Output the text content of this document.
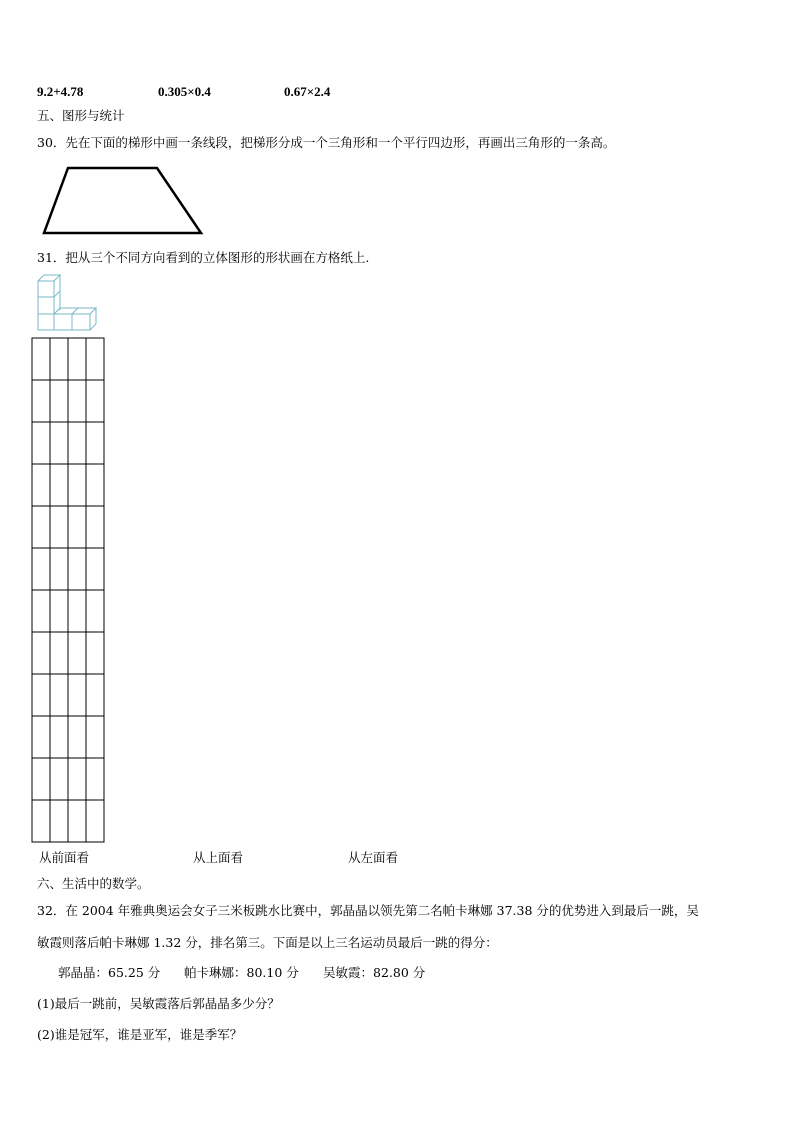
9.2+4.78	0.305×0.4	0.67×2.4
五、图形与统计
30．先在下面的梯形中画一条线段，把梯形分成一个三角形和一个平行四边形，再画出三角形的一条高。
31．把从三个不同方向看到的立体图形的形状画在方格纸上.
从前面看	从上面看	从左面看
六、生活中的数学。
32．在 2004 年雅典奥运会女子三米板跳水比赛中，郭晶晶以领先第二名帕卡琳娜 37.38 分的优势进入到最后一跳，吴
敏霞则落后帕卡琳娜 1.32 分，排名第三。下面是以上三名运动员最后一跳的得分：
郭晶晶：65.25 分 帕卡琳娜：80.10 分 吴敏霞：82.80 分
(1)最后一跳前，吴敏霞落后郭晶晶多少分？
(2)谁是冠军，谁是亚军，谁是季军？
